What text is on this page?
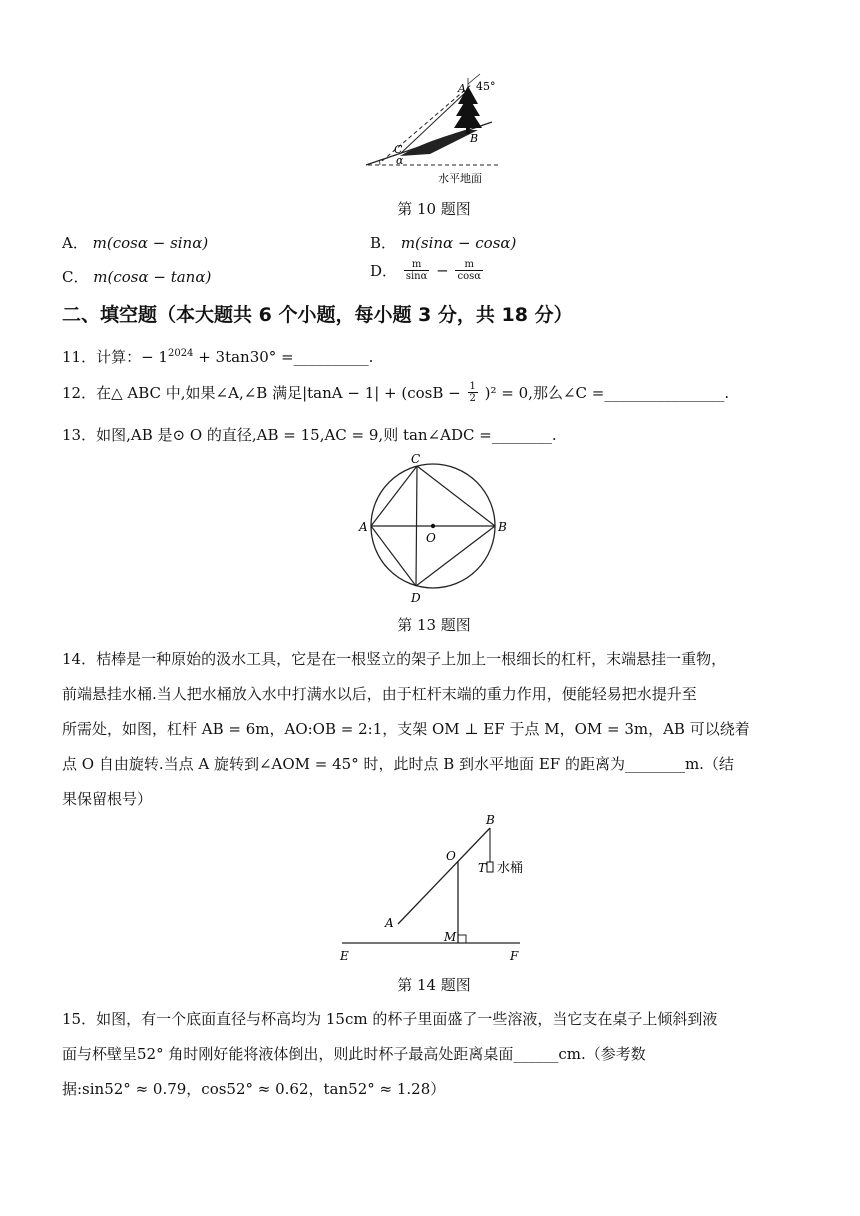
A 45°
B
C
α
水平地面
第 10 题图
A． m(cosα − sinα)	B． m(sinα − cosα)
C． m(cosα − tanα)	D． $\frac{m}{\sin\alpha} - \frac{m}{\cos\alpha}$
二、填空题（本大题共 6 个小题，每小题 3 分，共 18 分）
11．计算：− $1^{2024} + 3\tan 30^\circ$ =__________.
12．在△ ABC 中,如果∠A,∠B 满足$|\tan A - 1| + (\cos B - \frac{1}{2} )^2 = 0$,那么∠C =________________.
13．如图,AB 是⊙ O 的直径,AB = 15,AC = 9,则 tan∠ADC =________.
C
A	B
O
D
第 13 题图
14．桔棒是一种原始的汲水工具，它是在一根竖立的架子上加上一根细长的杠杆，末端悬挂一重物，
前端悬挂水桶.当人把水桶放入水中打满水以后，由于杠杆末端的重力作用，便能轻易把水提升至
所需处，如图，杠杆 AB = 6m，AO:OB = 2:1，支架 OM ⊥ EF 于点 M，OM = 3m，AB 可以绕着
点 O 自由旋转.当点 A 旋转到∠AOM = 45° 时，此时点 B 到水平地面 EF 的距离为________m.（结
果保留根号）
B
O
T 水桶
A
M
E	F
第 14 题图
15．如图，有一个底面直径与杯高均为 15cm 的杯子里面盛了一些溶液，当它支在桌子上倾斜到液
面与杯壁呈52° 角时刚好能将液体倒出，则此时杯子最高处距离桌面______cm.（参考数
据:sin52° ≈ 0.79，cos52° ≈ 0.62，tan52° ≈ 1.28）
